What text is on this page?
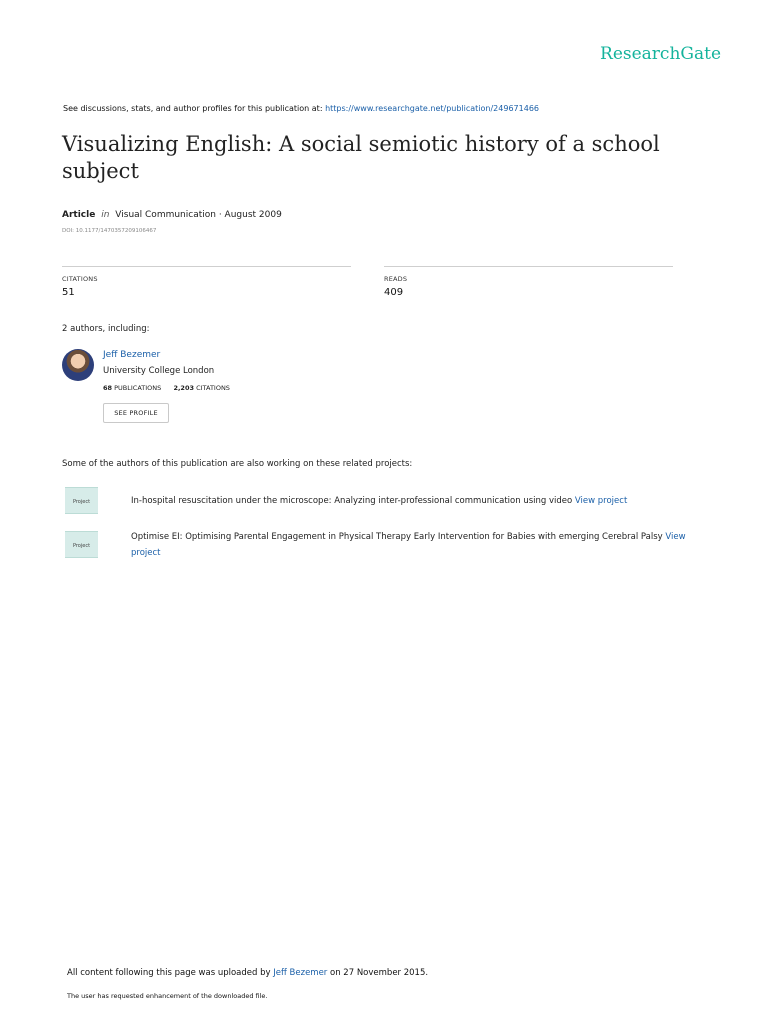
ResearchGate
See discussions, stats, and author profiles for this publication at: https://www.researchgate.net/publication/249671466
Visualizing English: A social semiotic history of a school subject
Article in Visual Communication · August 2009
DOI: 10.1177/1470357209106467
CITATIONS
51
READS
409
2 authors, including:
Jeff Bezemer
University College London
68 PUBLICATIONS 2,203 CITATIONS
SEE PROFILE
Some of the authors of this publication are also working on these related projects:
Project	In-hospital resuscitation under the microscope: Analyzing inter-professional communication using video View project
Project
Optimise EI: Optimising Parental Engagement in Physical Therapy Early Intervention for Babies with emerging Cerebral Palsy View project
All content following this page was uploaded by Jeff Bezemer on 27 November 2015.
The user has requested enhancement of the downloaded file.
